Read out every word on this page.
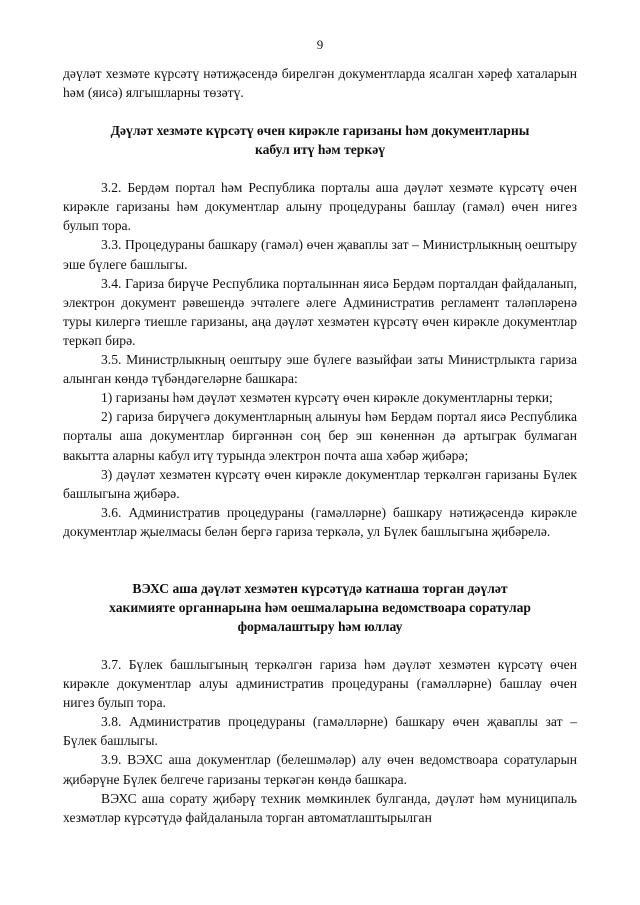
9

дәүләт хезмәте күрсәтү нәтиҗәсендә бирелгән документларда ясалган хәреф хаталарын һәм (яисә) ялгышларны төзәтү.

Дәүләт хезмәте күрсәтү өчен кирәкле гаризаны һәм документларны

кабул итү һәм теркәү

3.2. Бердәм портал һәм Республика порталы аша дәүләт хезмәте күрсәтү өчен кирәкле гаризаны һәм документлар алыну процедураны башлау (гамәл) өчен нигез булып тора.

3.3. Процедураны башкару (гамәл) өчен җаваплы зат – Министрлыкның оештыру эше бүлеге башлыгы.

3.4. Гариза бирүче Республика порталыннан яисә Бердәм порталдан файдаланып, электрон документ рәвешендә эчтәлеге әлеге Административ регламент таләпләренә туры килергә тиешле гаризаны, аңа дәүләт хезмәтен күрсәтү өчен кирәкле документлар теркәп бирә.

3.5. Министрлыкның оештыру эше бүлеге вазыйфаи заты Министрлыкта гариза алынган көндә түбәндәгеләрне башкара:

1) гаризаны һәм дәүләт хезмәтен күрсәтү өчен кирәкле документларны терки;

2) гариза бирүчегә документларның алынуы һәм Бердәм портал яисә Республика порталы аша документлар биргәннән соң бер эш көненнән дә артыграк булмаган вакытта аларны кабул итү турында электрон почта аша хәбәр җибәрә;

3) дәүләт хезмәтен күрсәтү өчен кирәкле документлар теркәлгән гаризаны Бүлек башлыгына җибәрә.

3.6. Административ процедураны (гамәлләрне) башкару нәтиҗәсендә кирәкле документлар җыелмасы белән бергә гариза теркәлә, ул Бүлек башлыгына җибәрелә.

ВЭХС аша дәүләт хезмәтен күрсәтүдә катнаша торган дәүләт

хакимияте органнарына һәм оешмаларына ведомствоара соратулар

формалаштыру һәм юллау

3.7. Бүлек башлыгының теркәлгән гариза һәм дәүләт хезмәтен күрсәтү өчен кирәкле документлар алуы административ процедураны (гамәлләрне) башлау өчен нигез булып тора.

3.8. Административ процедураны (гамәлләрне) башкару өчен җаваплы зат – Бүлек башлыгы.

3.9. ВЭХС аша документлар (белешмәләр) алу өчен ведомствоара соратуларын җибәрүне Бүлек белгече гаризаны теркәгән көндә башкара.

ВЭХС аша сорату җибәрү техник мөмкинлек булганда, дәүләт һәм муниципаль хезмәтләр күрсәтүдә файдаланыла торган автоматлаштырылган
